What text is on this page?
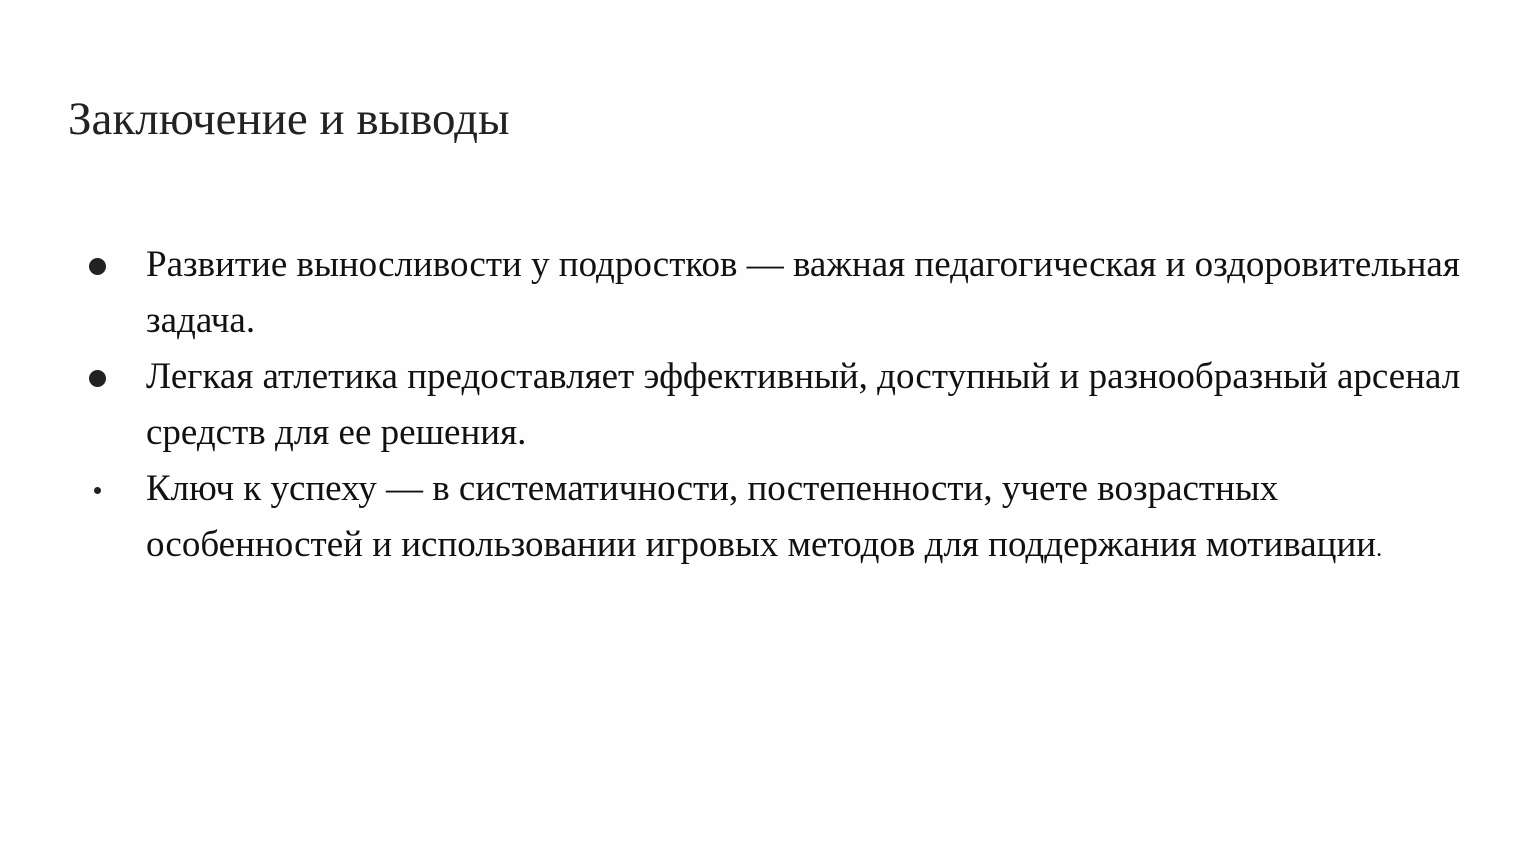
Заключение и выводы
Развитие выносливости у подростков — важная педагогическая и оздоровительная задача.
Легкая атлетика предоставляет эффективный, доступный и разнообразный арсенал средств для ее решения.
Ключ к успеху — в систематичности, постепенности, учете возрастных особенностей и использовании игровых методов для поддержания мотивации.
